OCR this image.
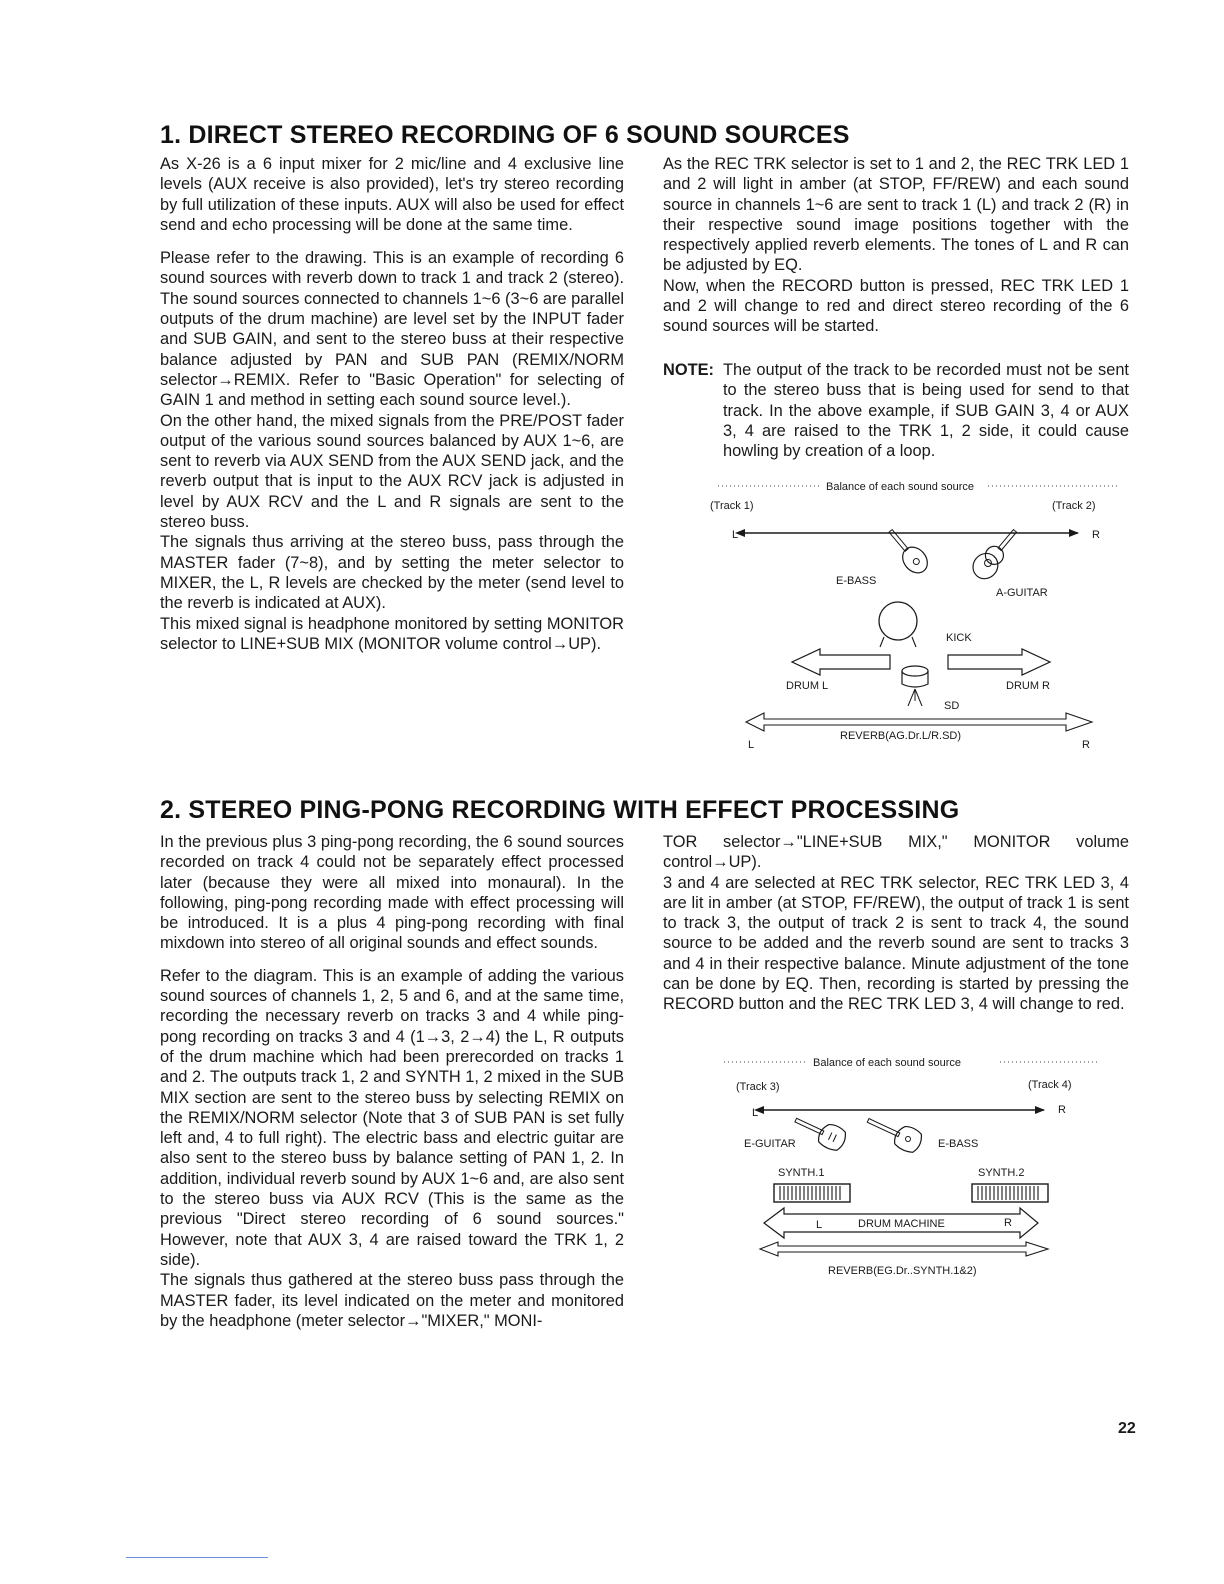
1. DIRECT STEREO RECORDING OF 6 SOUND SOURCES

As X-26 is a 6 input mixer for 2 mic/line and 4 exclusive line levels (AUX receive is also provided), let's try stereo recording by full utilization of these inputs. AUX will also be used for effect send and echo processing will be done at the same time.

Please refer to the drawing. This is an example of recording 6 sound sources with reverb down to track 1 and track 2 (stereo). The sound sources connected to channels 1~6 (3~6 are parallel outputs of the drum machine) are level set by the INPUT fader and SUB GAIN, and sent to the stereo buss at their respective balance adjusted by PAN and SUB PAN (REMIX/NORM selector→REMIX. Refer to "Basic Operation" for selecting of GAIN 1 and method in setting each sound source level.).

On the other hand, the mixed signals from the PRE/POST fader output of the various sound sources balanced by AUX 1~6, are sent to reverb via AUX SEND from the AUX SEND jack, and the reverb output that is input to the AUX RCV jack is adjusted in level by AUX RCV and the L and R signals are sent to the stereo buss.

The signals thus arriving at the stereo buss, pass through the MASTER fader (7~8), and by setting the meter selector to MIXER, the L, R levels are checked by the meter (send level to the reverb is indicated at AUX).

This mixed signal is headphone monitored by setting MONITOR selector to LINE+SUB MIX (MONITOR volume control→UP).

As the REC TRK selector is set to 1 and 2, the REC TRK LED 1 and 2 will light in amber (at STOP, FF/REW) and each sound source in channels 1~6 are sent to track 1 (L) and track 2 (R) in their respective sound image positions together with the respectively applied reverb elements. The tones of L and R can be adjusted by EQ.

Now, when the RECORD button is pressed, REC TRK LED 1 and 2 will change to red and direct stereo recording of the 6 sound sources will be started.

NOTE: The output of the track to be recorded must not be sent to the stereo buss that is being used for send to that track. In the above example, if SUB GAIN 3, 4 or AUX 3, 4 are raised to the TRK 1, 2 side, it could cause howling by creation of a loop.
Balance of each sound source
(Track 1)	(Track 2)
L	R
E-BASS
A-GUITAR
KICK
DRUM L	DRUM R
SD
REVERB(AG.Dr.L/R.SD)
L	R
2. STEREO PING-PONG RECORDING WITH EFFECT PROCESSING

In the previous plus 3 ping-pong recording, the 6 sound sources recorded on track 4 could not be separately effect processed later (because they were all mixed into monaural). In the following, ping-pong recording made with effect processing will be introduced. It is a plus 4 ping-pong recording with final mixdown into stereo of all original sounds and effect sounds.

Refer to the diagram. This is an example of adding the various sound sources of channels 1, 2, 5 and 6, and at the same time, recording the necessary reverb on tracks 3 and 4 while ping-pong recording on tracks 3 and 4 (1→3, 2→4) the L, R outputs of the drum machine which had been prerecorded on tracks 1 and 2. The outputs track 1, 2 and SYNTH 1, 2 mixed in the SUB MIX section are sent to the stereo buss by selecting REMIX on the REMIX/NORM selector (Note that 3 of SUB PAN is set fully left and, 4 to full right). The electric bass and electric guitar are also sent to the stereo buss by balance setting of PAN 1, 2. In addition, individual reverb sound by AUX 1~6 and, are also sent to the stereo buss via AUX RCV (This is the same as the previous "Direct stereo recording of 6 sound sources." However, note that AUX 3, 4 are raised toward the TRK 1, 2 side).

The signals thus gathered at the stereo buss pass through the MASTER fader, its level indicated on the meter and monitored by the headphone (meter selector→"MIXER," MONI-

TOR selector→"LINE+SUB MIX," MONITOR volume control→UP).

3 and 4 are selected at REC TRK selector, REC TRK LED 3, 4 are lit in amber (at STOP, FF/REW), the output of track 1 is sent to track 3, the output of track 2 is sent to track 4, the sound source to be added and the reverb sound are sent to tracks 3 and 4 in their respective balance. Minute adjustment of the tone can be done by EQ. Then, recording is started by pressing the RECORD button and the REC TRK LED 3, 4 will change to red.

Balance of each sound source
(Track 3)	(Track 4)
L	R
E-GUITAR	E-BASS
SYNTH.1	SYNTH.2
L	DRUM MACHINE	R
REVERB(EG.Dr..SYNTH.1&2)
22
